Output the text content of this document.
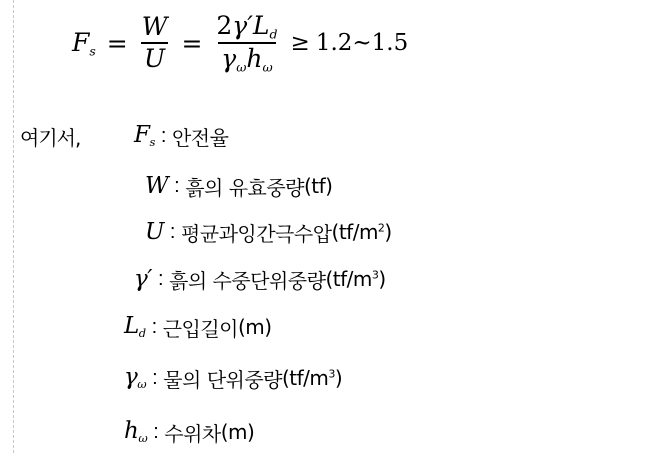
$F_s = \frac{W}{U} = \frac{2\gamma'L_d}{\gamma_\omega h_\omega}$ ≥ 1.2~1.5
여기서, $F_s$ : 안전율
W : 흙의 유효중량 (tf)
U : 평균과잉간극수압 $(tf/m^2)$
γ′ : 흙의 수중단위중량 $(tf/m^3)$
$L_d$ : 근입길이 (m)
$\gamma_\omega$ : 물의 단위중량 $(tf/m^3)$
$h_\omega$ : 수위차 (m)
